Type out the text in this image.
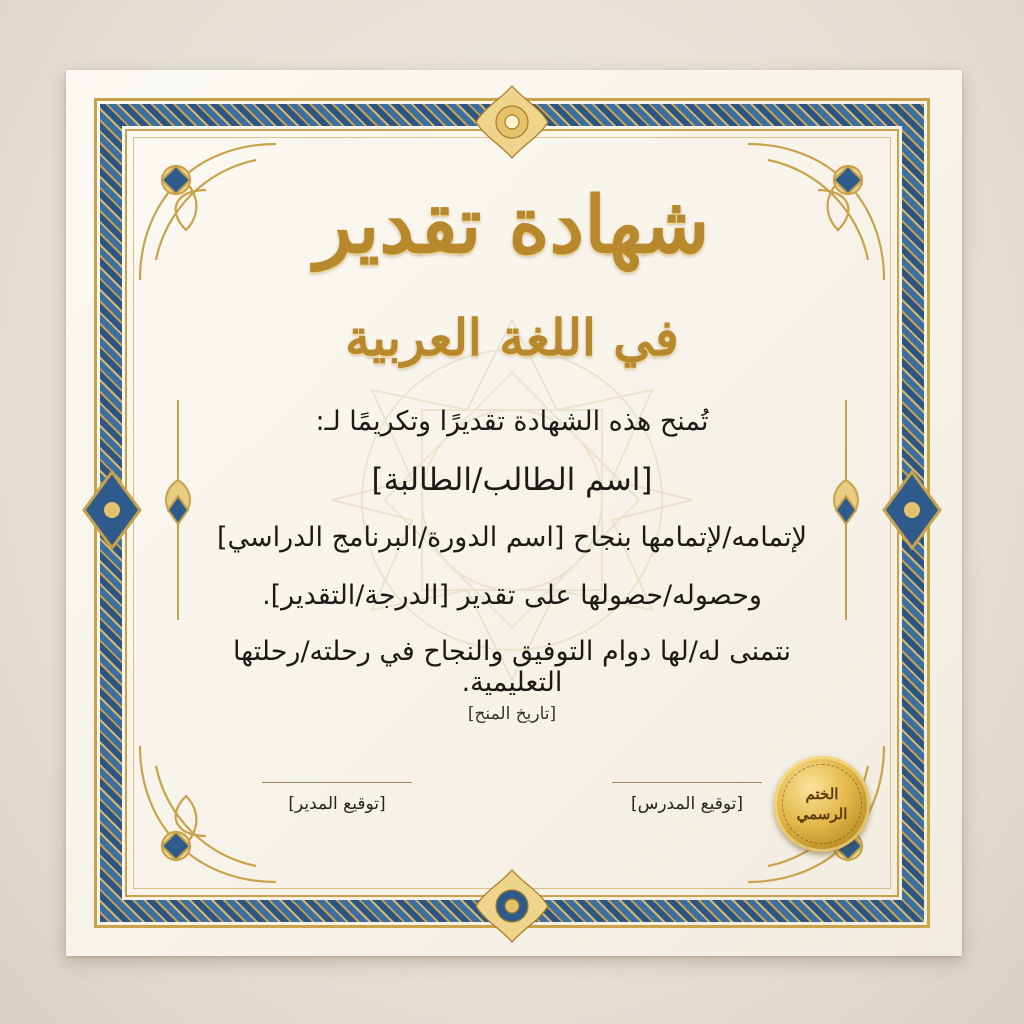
شهادة تقدير
في اللغة العربية
تُمنح هذه الشهادة تقديرًا وتكريمًا لـ:
[اسم الطالب/الطالبة]
لإتمامه/لإتمامها بنجاح [اسم الدورة/البرنامج الدراسي]
وحصوله/حصولها على تقدير [الدرجة/التقدير].
نتمنى له/لها دوام التوفيق والنجاح في رحلته/رحلتها التعليمية.
[تاريخ المنح]
[توقيع المدير]	[توقيع المدرس]	الختم
الرسمي
